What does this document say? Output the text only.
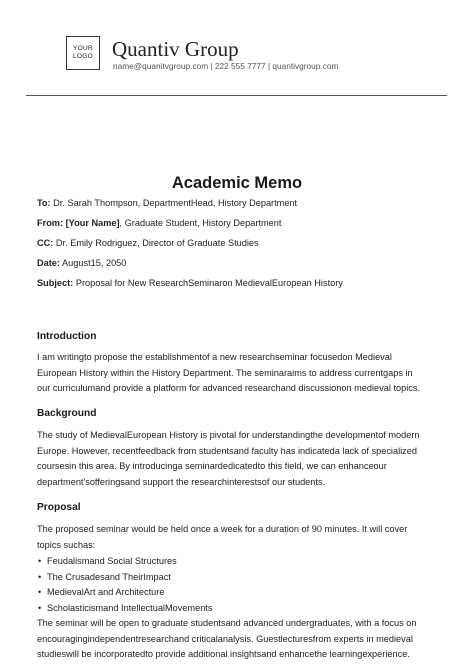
YOUR
LOGO Quantiv Group
name@quanitvgroup.com | 222 555 7777 | quantivgroup.com
Academic Memo
To: Dr. Sarah Thompson, DepartmentHead, History Department
From: [Your Name], Graduate Student, History Department
CC: Dr. Emily Rodriguez, Director of Graduate Studies
Date: August15, 2050
Subject: Proposal for New ResearchSeminaron MedievalEuropean History
Introduction
I am writingto propose the establishmentof a new researchseminar focusedon Medieval
European History within the History Department. The seminaraims to address currentgaps in
our curriculumand provide a platform for advanced researchand discussionon medieval topics.
Background
The study of MedievalEuropean History is pivotal for understandingthe developmentof modern
Europe. However, recentfeedback from studentsand faculty has indicateda lack of specialized
coursesin this area. By introducinga seminardedicatedto this field, we can enhanceour
department'sofferingsand support the researchinterestsof our students.
Proposal
The proposed seminar would be held once a week for a duration of 90 minutes. It will cover
topics suchas:
• Feudalismand Social Structures
• The Crusadesand TheirImpact
• MedievalArt and Architecture
• Scholasticismand IntellectualMovements
The seminar will be open to graduate studentsand advanced undergraduates, with a focus on
encouragingindependentresearchand criticalanalysis. Guestlecturesfrom experts in medieval
studieswill be incorporatedto provide additional insightsand enhancethe learningexperience.
